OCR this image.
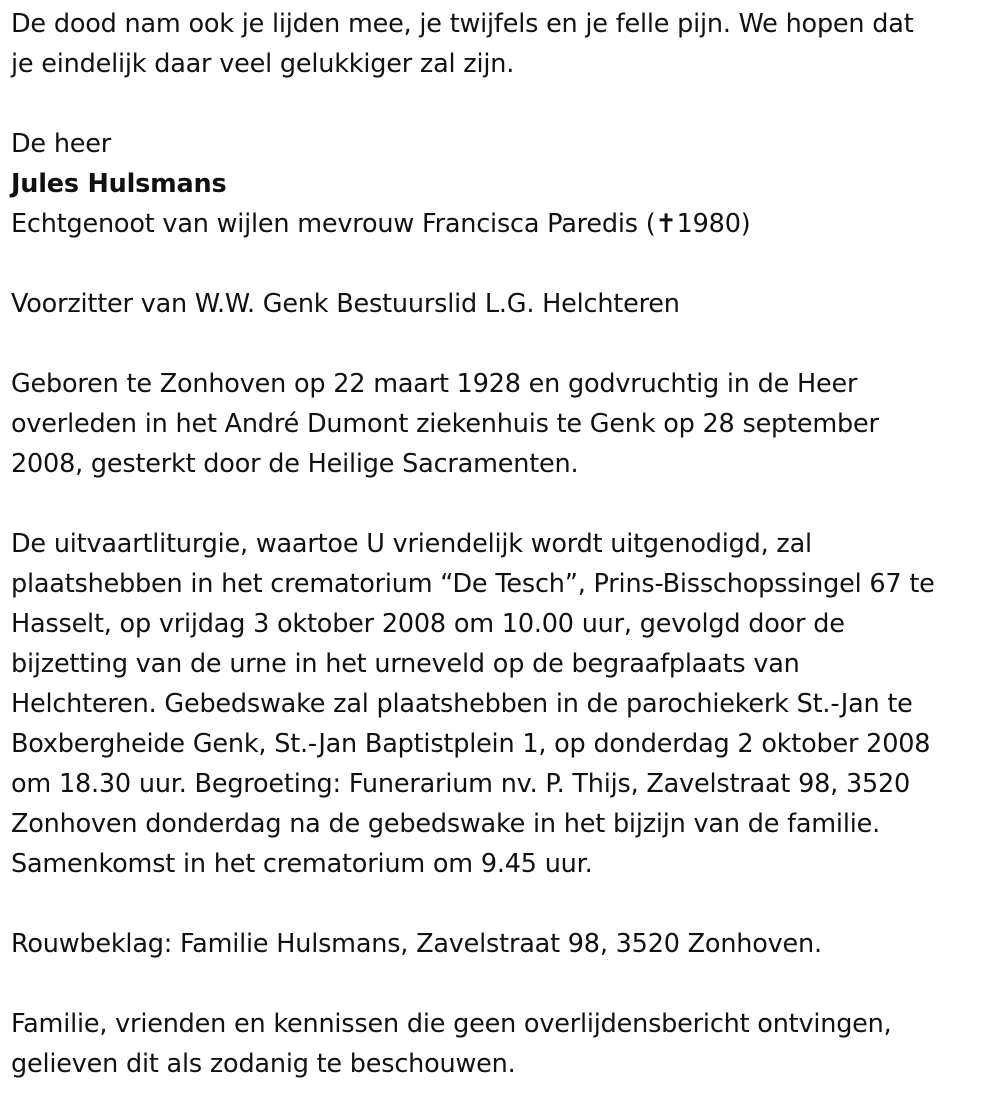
De dood nam ook je lijden mee, je twijfels en je felle pijn. We hopen dat
je eindelijk daar veel gelukkiger zal zijn.

De heer

Jules Hulsmans

Echtgenoot van wijlen mevrouw Francisca Paredis (✝1980)

Voorzitter van W.W. Genk Bestuurslid L.G. Helchteren

Geboren te Zonhoven op 22 maart 1928 en godvruchtig in de Heer
overleden in het André Dumont ziekenhuis te Genk op 28 september
2008, gesterkt door de Heilige Sacramenten.

De uitvaartliturgie, waartoe U vriendelijk wordt uitgenodigd, zal
plaatshebben in het crematorium “De Tesch”, Prins-Bisschopssingel 67 te
Hasselt, op vrijdag 3 oktober 2008 om 10.00 uur, gevolgd door de
bijzetting van de urne in het urneveld op de begraafplaats van
Helchteren. Gebedswake zal plaatshebben in de parochiekerk St.-Jan te
Boxbergheide Genk, St.-Jan Baptistplein 1, op donderdag 2 oktober 2008
om 18.30 uur. Begroeting: Funerarium nv. P. Thijs, Zavelstraat 98, 3520
Zonhoven donderdag na de gebedswake in het bijzijn van de familie.
Samenkomst in het crematorium om 9.45 uur.

Rouwbeklag: Familie Hulsmans, Zavelstraat 98, 3520 Zonhoven.

Familie, vrienden en kennissen die geen overlijdensbericht ontvingen,
gelieven dit als zodanig te beschouwen.
